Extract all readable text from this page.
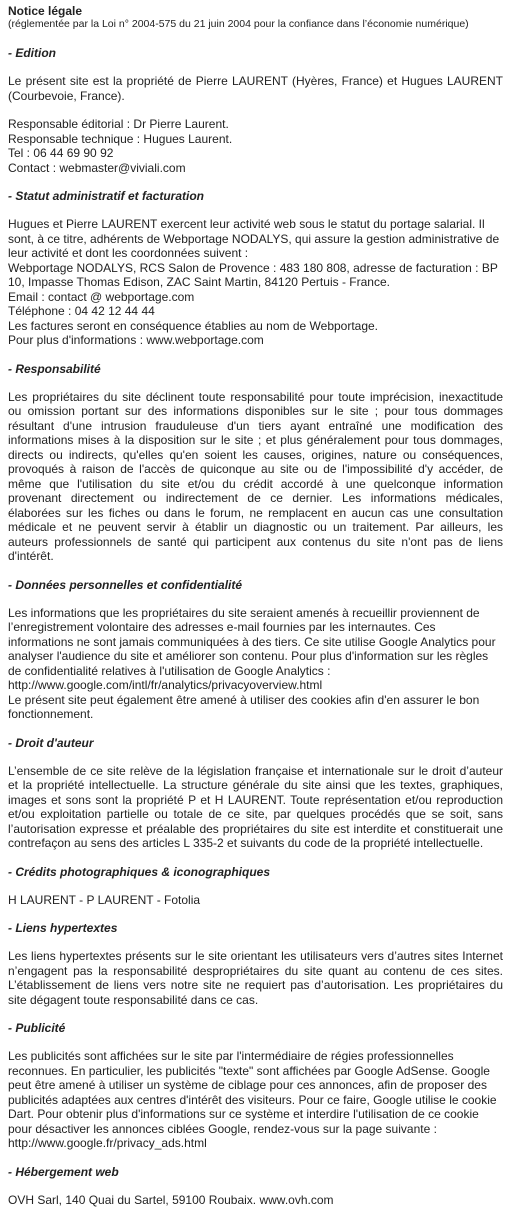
Notice légale

(réglementée par la Loi n° 2004-575 du 21 juin 2004 pour la confiance dans l’économie numérique)

- Edition

Le présent site est la propriété de Pierre LAURENT (Hyères, France) et Hugues LAURENT (Courbevoie, France).

Responsable éditorial : Dr Pierre Laurent.
Responsable technique : Hugues Laurent.
Tel : 06 44 69 90 92
Contact : webmaster@viviali.com

- Statut administratif et facturation

Hugues et Pierre LAURENT exercent leur activité web sous le statut du portage salarial. Il sont, à ce titre, adhérents de Webportage NODALYS, qui assure la gestion administrative de leur activité et dont les coordonnées suivent :
Webportage NODALYS, RCS Salon de Provence : 483 180 808, adresse de facturation : BP 10, Impasse Thomas Edison, ZAC Saint Martin, 84120 Pertuis - France.
Email : contact @ webportage.com
Téléphone : 04 42 12 44 44
Les factures seront en conséquence établies au nom de Webportage.
Pour plus d'informations : www.webportage.com

- Responsabilité

Les propriétaires du site déclinent toute responsabilité pour toute imprécision, inexactitude ou omission portant sur des informations disponibles sur le site ; pour tous dommages résultant d'une intrusion frauduleuse d'un tiers ayant entraîné une modification des informations mises à la disposition sur le site ; et plus généralement pour tous dommages, directs ou indirects, qu'elles qu'en soient les causes, origines, nature ou conséquences, provoqués à raison de l'accès de quiconque au site ou de l'impossibilité d'y accéder, de même que l'utilisation du site et/ou du crédit accordé à une quelconque information provenant directement ou indirectement de ce dernier. Les informations médicales, élaborées sur les fiches ou dans le forum, ne remplacent en aucun cas une consultation médicale et ne peuvent servir à établir un diagnostic ou un traitement. Par ailleurs, les auteurs professionnels de santé qui participent aux contenus du site n'ont pas de liens d'intérêt.

- Données personnelles et confidentialité

Les informations que les propriétaires du site seraient amenés à recueillir proviennent de l’enregistrement volontaire des adresses e-mail fournies par les internautes. Ces informations ne sont jamais communiquées à des tiers. Ce site utilise Google Analytics pour analyser l'audience du site et améliorer son contenu. Pour plus d'information sur les règles de confidentialité relatives à l'utilisation de Google Analytics :
http://www.google.com/intl/fr/analytics/privacyoverview.html
Le présent site peut également être amené à utiliser des cookies afin d'en assurer le bon fonctionnement.

- Droit d'auteur

L’ensemble de ce site relève de la législation française et internationale sur le droit d’auteur et la propriété intellectuelle. La structure générale du site ainsi que les textes, graphiques, images et sons sont la propriété P et H LAURENT. Toute représentation et/ou reproduction et/ou exploitation partielle ou totale de ce site, par quelques procédés que se soit, sans l’autorisation expresse et préalable des propriétaires du site est interdite et constituerait une contrefaçon au sens des articles L 335-2 et suivants du code de la propriété intellectuelle.

- Crédits photographiques & iconographiques

H LAURENT - P LAURENT - Fotolia

- Liens hypertextes

Les liens hypertextes présents sur le site orientant les utilisateurs vers d’autres sites Internet n’engagent pas la responsabilité despropriétaires du site quant au contenu de ces sites. L’établissement de liens vers notre site ne requiert pas d’autorisation. Les propriétaires du site dégagent toute responsabilité dans ce cas.

- Publicité

Les publicités sont affichées sur le site par l'intermédiaire de régies professionnelles reconnues. En particulier, les publicités "texte" sont affichées par Google AdSense. Google peut être amené à utiliser un système de ciblage pour ces annonces, afin de proposer des publicités adaptées aux centres d'intérêt des visiteurs. Pour ce faire, Google utilise le cookie Dart. Pour obtenir plus d'informations sur ce système et interdire l'utilisation de ce cookie pour désactiver les annonces ciblées Google, rendez-vous sur la page suivante :
http://www.google.fr/privacy_ads.html

- Hébergement web

OVH Sarl, 140 Quai du Sartel, 59100 Roubaix. www.ovh.com
